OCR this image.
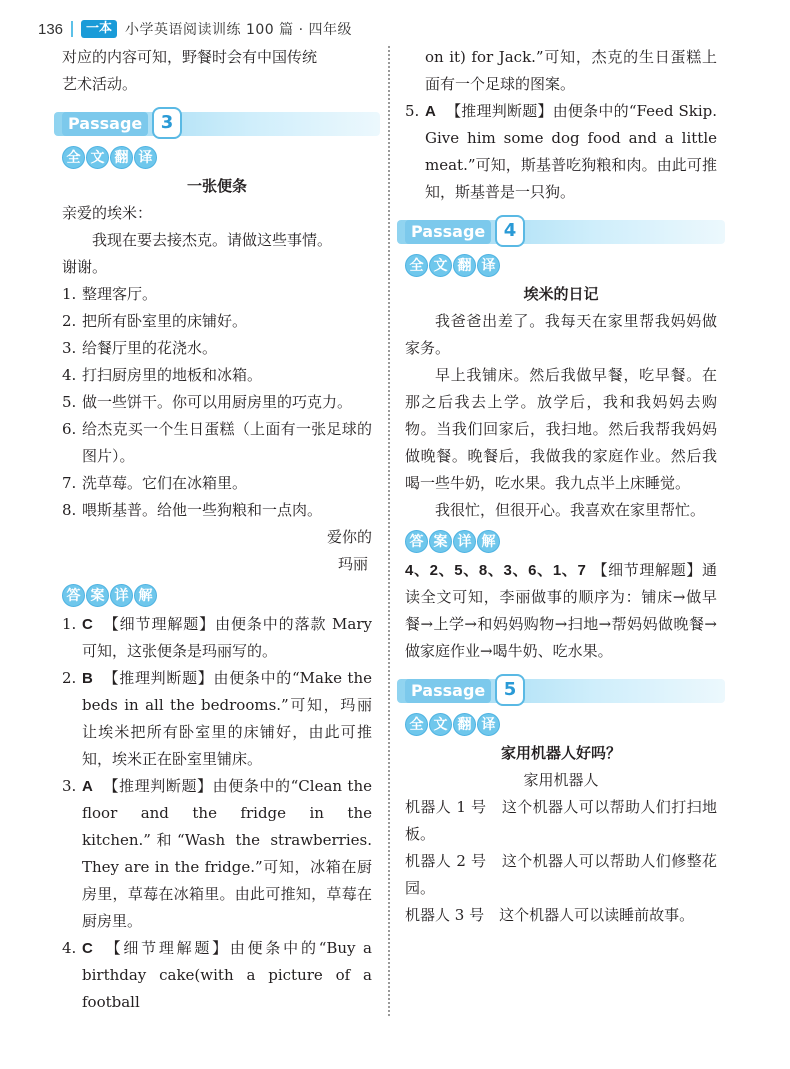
136	一本 小学英语阅读训练 100 篇 · 四年级
对应的内容可知，野餐时会有中国传统
艺术活动。
Passage	3
全 文 翻 译
一张便条
亲爱的埃米：
我现在要去接杰克。请做这些事情。
谢谢。
1. 整理客厅。
2. 把所有卧室里的床铺好。
3. 给餐厅里的花浇水。
4. 打扫厨房里的地板和冰箱。
5. 做一些饼干。你可以用厨房里的巧克力。
6. 给杰克买一个生日蛋糕（上面有一张足球的图片）。
7. 洗草莓。它们在冰箱里。
8. 喂斯基普。给他一些狗粮和一点肉。
爱你的
玛丽
答 案 详 解
1. C 【细节理解题】由便条中的落款 Mary 可知，这张便条是玛丽写的。
2. B 【推理判断题】由便条中的“Make the beds in all the bedrooms.”可知，玛丽让埃米把所有卧室里的床铺好，由此可推知，埃米正在卧室里铺床。
3. A 【推理判断题】由便条中的“Clean the floor and the fridge in the kitchen.”和“Wash the strawberries. They are in the fridge.”可知，冰箱在厨房里，草莓在冰箱里。由此可推知，草莓在厨房里。
4. C 【细节理解题】由便条中的“Buy a birthday cake(with a picture of a football
on it) for Jack.”可知，杰克的生日蛋糕上面有一个足球的图案。
5. A 【推理判断题】由便条中的“Feed Skip. Give him some dog food and a little meat.”可知，斯基普吃狗粮和肉。由此可推知，斯基普是一只狗。
Passage	4
全 文 翻 译
埃米的日记
我爸爸出差了。我每天在家里帮我妈妈做家务。
早上我铺床。然后我做早餐，吃早餐。在那之后我去上学。放学后，我和我妈妈去购物。当我们回家后，我扫地。然后我帮我妈妈做晚餐。晚餐后，我做我的家庭作业。然后我喝一些牛奶，吃水果。我九点半上床睡觉。
我很忙，但很开心。我喜欢在家里帮忙。
答 案 详 解
4、2、5、8、3、6、1、7 【细节理解题】通读全文可知，李丽做事的顺序为：铺床→做早餐→上学→和妈妈购物→扫地→帮妈妈做晚餐→做家庭作业→喝牛奶、吃水果。
Passage	5
全 文 翻 译
家用机器人好吗？
家用机器人
机器人 1 号　这个机器人可以帮助人们打扫地板。
机器人 2 号　这个机器人可以帮助人们修整花园。
机器人 3 号　这个机器人可以读睡前故事。
